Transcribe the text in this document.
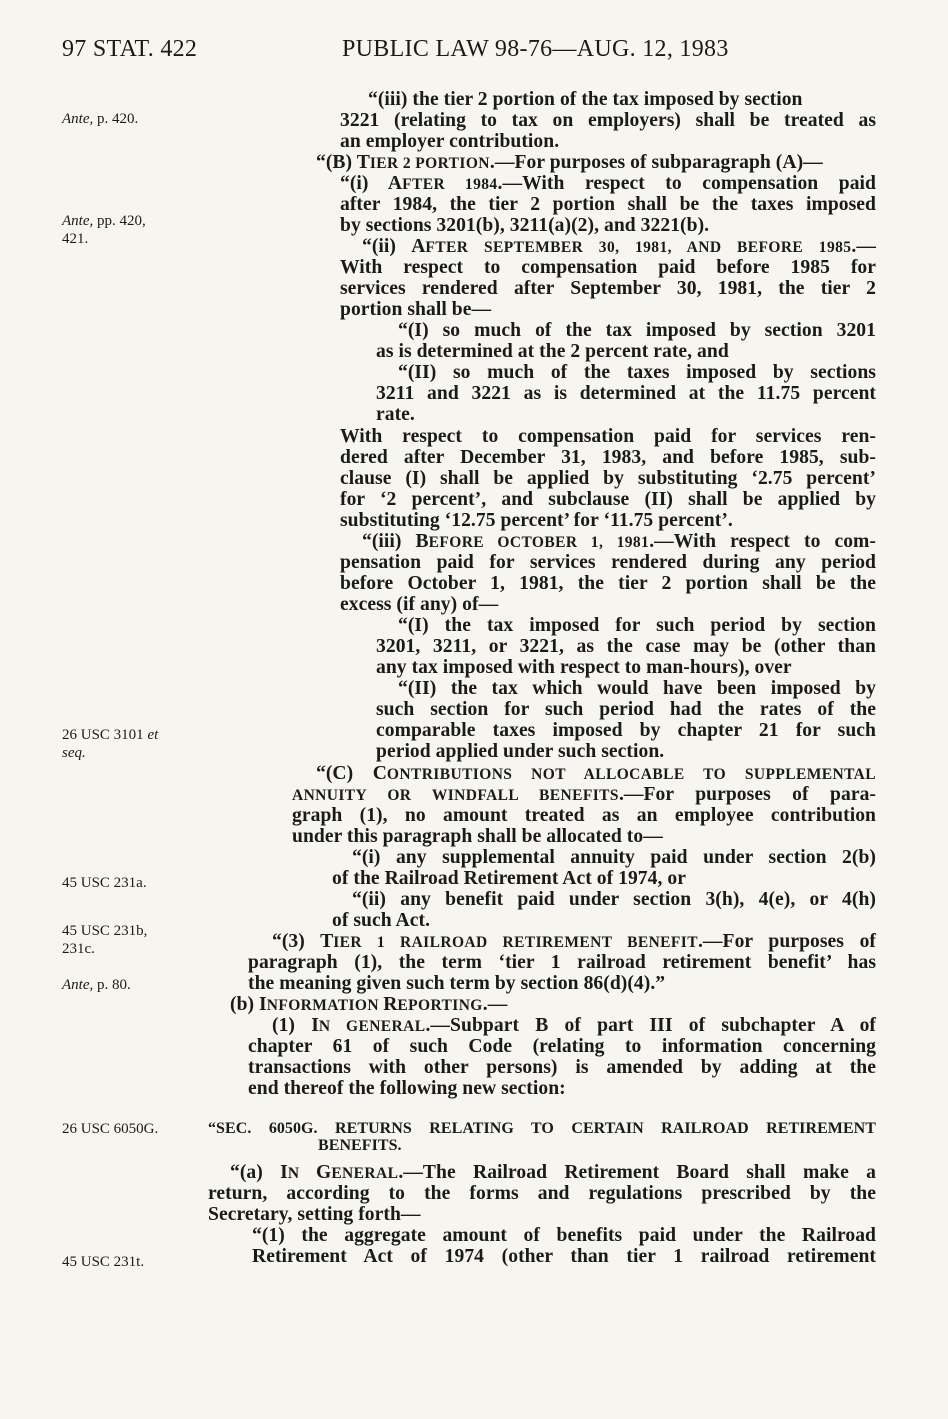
97 STAT. 422	PUBLIC LAW 98-76—AUG. 12, 1983
Ante, p. 420.
Ante, pp. 420,
421.
26 USC 3101 et
seq.
45 USC 231a.
45 USC 231b,
231c.
Ante, p. 80.
26 USC 6050G.
45 USC 231t.
“(iii) the tier 2 portion of the tax imposed by section
3221 (relating to tax on employers) shall be treated as
an employer contribution.
“(B) TIER 2 PORTION.—For purposes of subparagraph (A)—
“(i) AFTER 1984.—With respect to compensation paid
after 1984, the tier 2 portion shall be the taxes imposed
by sections 3201(b), 3211(a)(2), and 3221(b).
“(ii) AFTER SEPTEMBER 30, 1981, AND BEFORE 1985.—
With respect to compensation paid before 1985 for
services rendered after September 30, 1981, the tier 2
portion shall be—
“(I) so much of the tax imposed by section 3201
as is determined at the 2 percent rate, and
“(II) so much of the taxes imposed by sections
3211 and 3221 as is determined at the 11.75 percent
rate.
With respect to compensation paid for services ren-
dered after December 31, 1983, and before 1985, sub-
clause (I) shall be applied by substituting ‘2.75 percent’
for ‘2 percent’, and subclause (II) shall be applied by
substituting ‘12.75 percent’ for ‘11.75 percent’.
“(iii) BEFORE OCTOBER 1, 1981.—With respect to com-
pensation paid for services rendered during any period
before October 1, 1981, the tier 2 portion shall be the
excess (if any) of—
“(I) the tax imposed for such period by section
3201, 3211, or 3221, as the case may be (other than
any tax imposed with respect to man-hours), over
“(II) the tax which would have been imposed by
such section for such period had the rates of the
comparable taxes imposed by chapter 21 for such
period applied under such section.
“(C) CONTRIBUTIONS NOT ALLOCABLE TO SUPPLEMENTAL
ANNUITY OR WINDFALL BENEFITS.—For purposes of para-
graph (1), no amount treated as an employee contribution
under this paragraph shall be allocated to—
“(i) any supplemental annuity paid under section 2(b)
of the Railroad Retirement Act of 1974, or
“(ii) any benefit paid under section 3(h), 4(e), or 4(h)
of such Act.
“(3) TIER 1 RAILROAD RETIREMENT BENEFIT.—For purposes of
paragraph (1), the term ‘tier 1 railroad retirement benefit’ has
the meaning given such term by section 86(d)(4).”
(b) INFORMATION REPORTING.—
(1) IN GENERAL.—Subpart B of part III of subchapter A of
chapter 61 of such Code (relating to information concerning
transactions with other persons) is amended by adding at the
end thereof the following new section:
“SEC. 6050G. RETURNS RELATING TO CERTAIN RAILROAD RETIREMENT
BENEFITS.
“(a) IN GENERAL.—The Railroad Retirement Board shall make a
return, according to the forms and regulations prescribed by the
Secretary, setting forth—
“(1) the aggregate amount of benefits paid under the Railroad
Retirement Act of 1974 (other than tier 1 railroad retirement
